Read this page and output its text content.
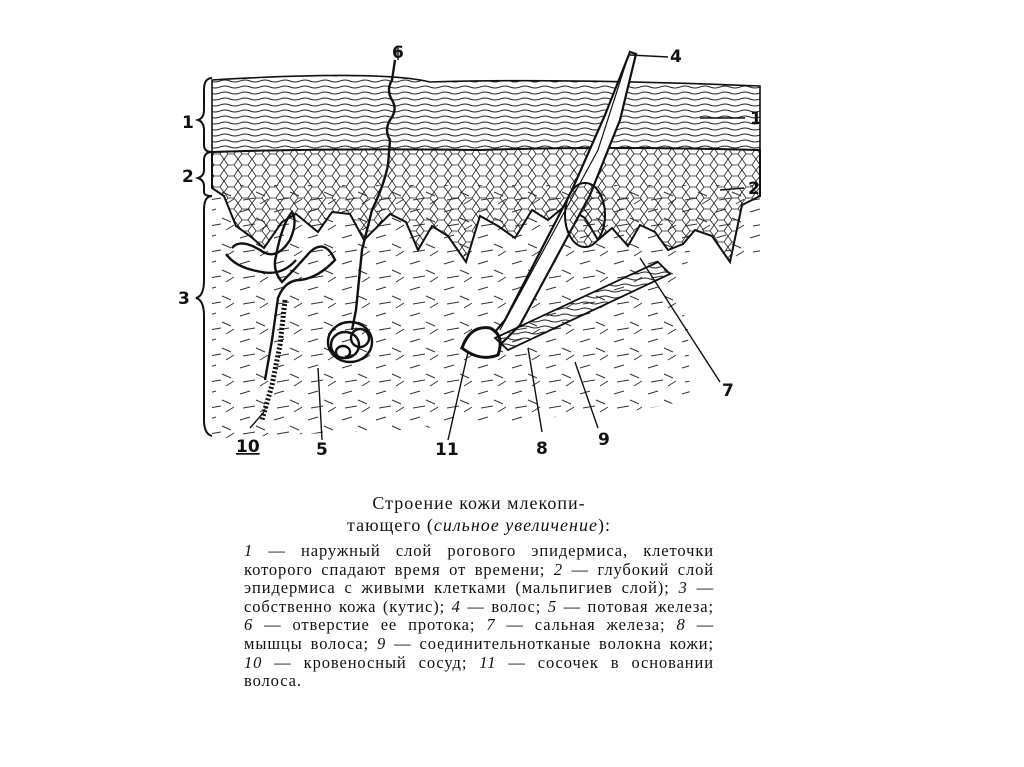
4
6
1
2
7
8	9
11
5
10
1
2
3
Строение кожи млекопи-
тающего (сильное увеличение):

1 — наружный слой рогового эпидермиса, клеточки которого спадают время от времени; 2 — глубокий слой эпидермиса с живыми клетками (мальпигиев слой); 3 — собственно кожа (кутис); 4 — волос; 5 — потовая железа; 6 — отверстие ее протока; 7 — сальная железа; 8 — мышцы волоса; 9 — соединительнотканые волокна кожи; 10 — кровеносный сосуд; 11 — сосочек в основании волоса.
